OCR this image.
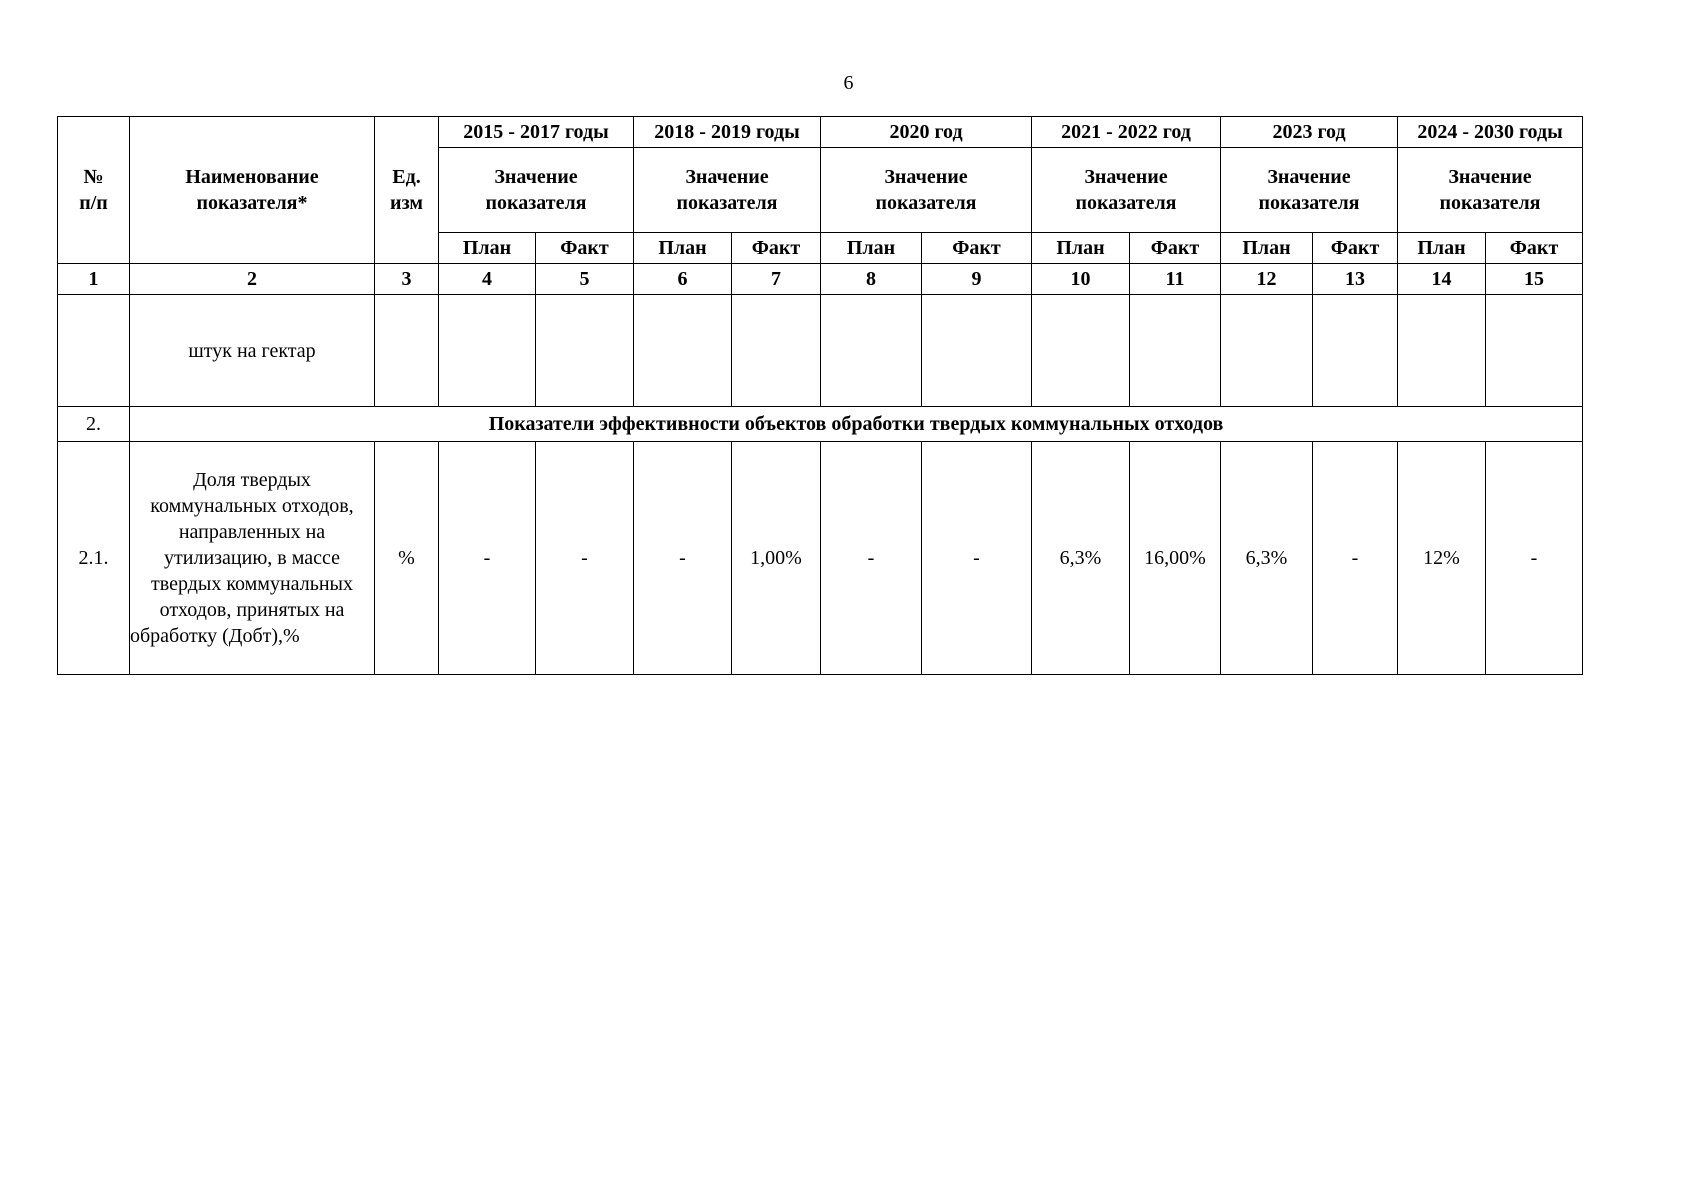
6
№
п/п	Наименование показателя*	Ед. изм	2015 - 2017 годы		2018 - 2019 годы		2020 год		2021 - 2022 год		2023 год		2024 - 2030 годы	

			Значение показателя		Значение показателя		Значение показателя		Значение показателя		Значение показателя		Значение показателя	

			План	Факт	План	Факт	План	Факт	План	Факт	План	Факт	План	Факт
1	2	3	4	5	6	7	8	9	10	11	12	13	14	15
	штук на гектар													
2.	Показатели эффективности объектов обработки твердых коммунальных отходов													
2.1.	Доля твердых коммунальных отходов, направленных на утилизацию, в массе твердых коммунальных отходов, принятых на обработку (Добт),%	%	-	-	-	1,00%	-	-	6,3%	16,00%	6,3%	-	12%	-
